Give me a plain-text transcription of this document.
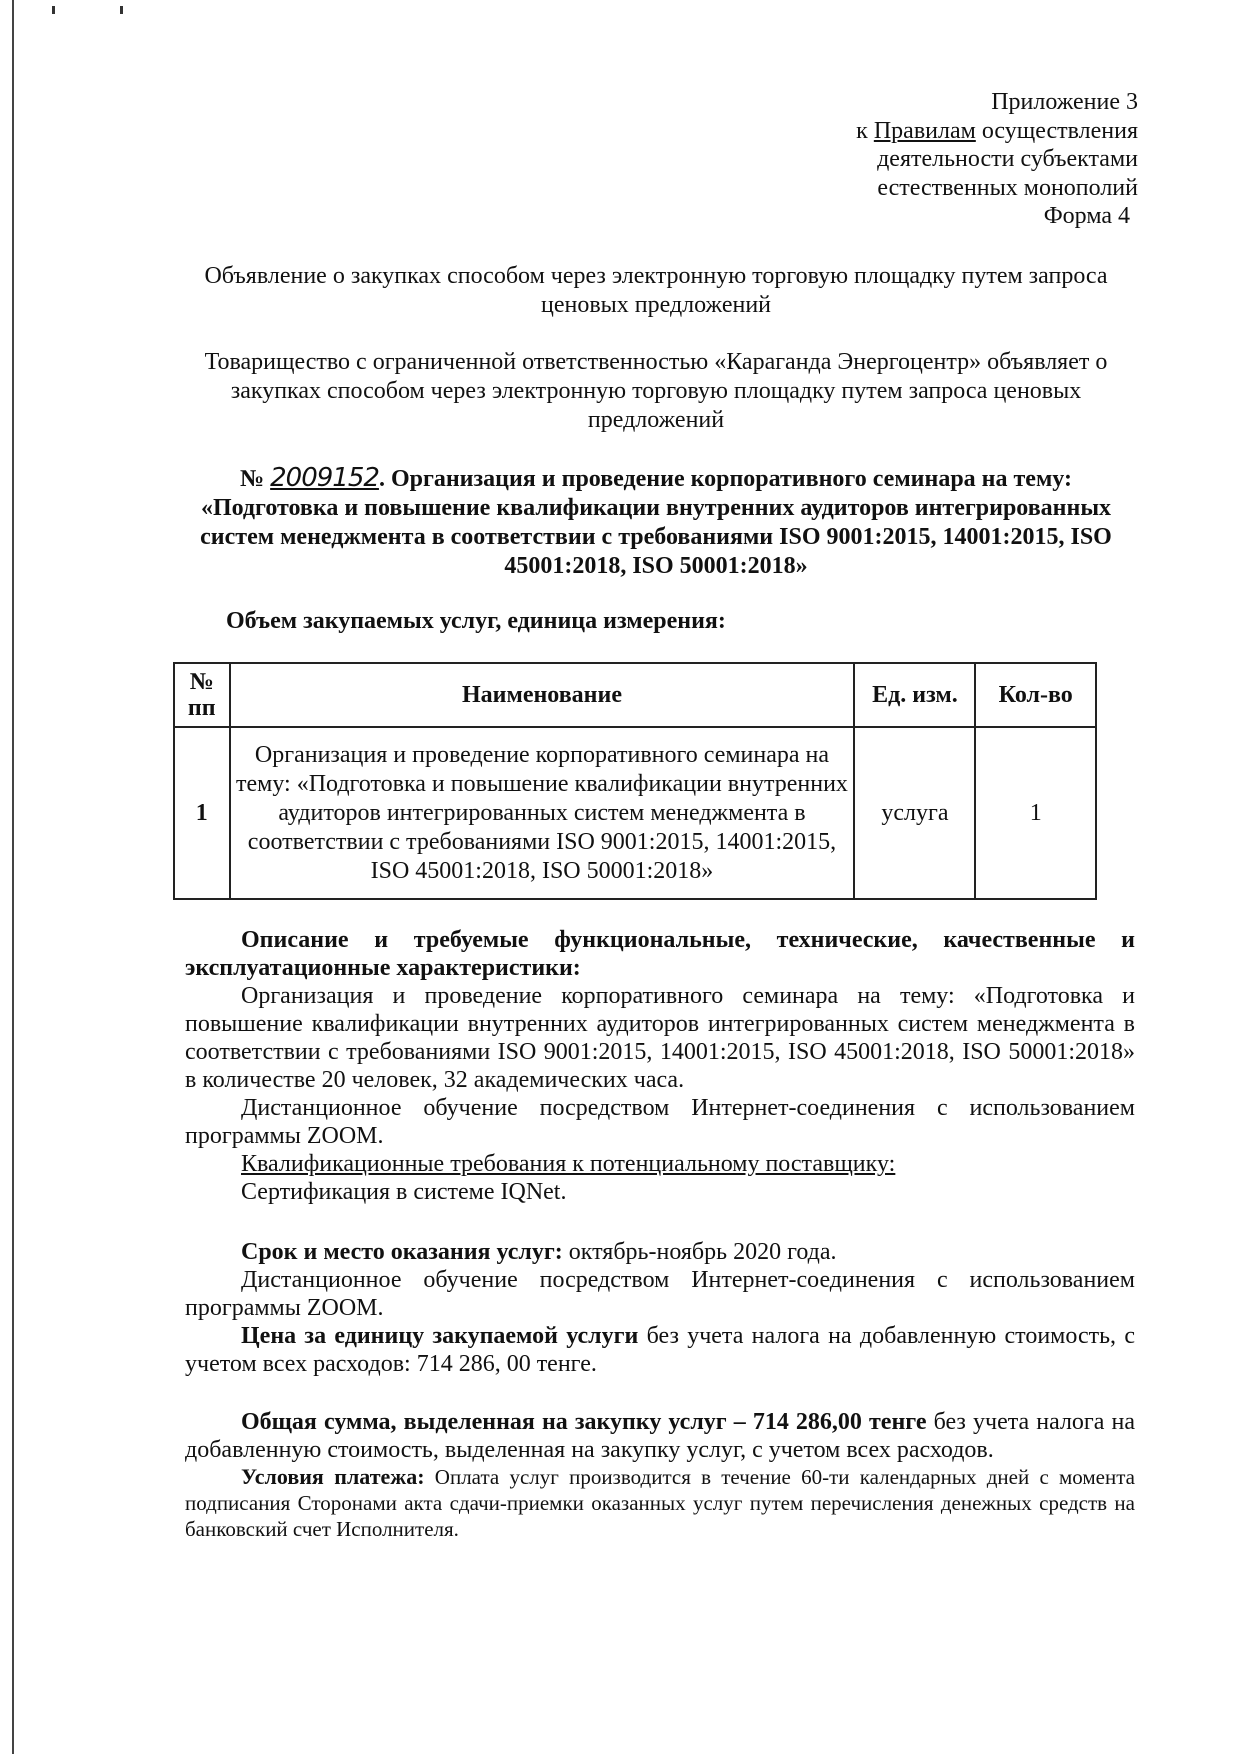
Приложение 3
к Правилам осуществления
деятельности субъектами
естественных монополий
Форма 4
Объявление о закупках способом через электронную торговую площадку путем запроса ценовых предложений
Товарищество с ограниченной ответственностью «Караганда Энергоцентр» объявляет о закупках способом через электронную торговую площадку путем запроса ценовых предложений
№ 2009152. Организация и проведение корпоративного семинара на тему:
«Подготовка и повышение квалификации внутренних аудиторов интегрированных
систем менеджмента в соответствии с требованиями ISO 9001:2015, 14001:2015, ISO
45001:2018, ISO 50001:2018»
Объем закупаемых услуг, единица измерения:
№ пп	Наименование	Ед. изм.	Кол-во
1	Организация и проведение корпоративного семинара на тему: «Подготовка и повышение квалификации внутренних аудиторов интегрированных систем менеджмента в соответствии с требованиями ISO 9001:2015, 14001:2015, ISO 45001:2018, ISO 50001:2018»	услуга	1

Описание и требуемые функциональные, технические, качественные и эксплуатационные характеристики:

Организация и проведение корпоративного семинара на тему: «Подготовка и повышение квалификации внутренних аудиторов интегрированных систем менеджмента в соответствии с требованиями ISO 9001:2015, 14001:2015, ISO 45001:2018, ISO 50001:2018» в количестве 20 человек, 32 академических часа.

Дистанционное обучение посредством Интернет-соединения с использованием программы ZOOM.

Квалификационные требования к потенциальному поставщику:

Сертификация в системе IQNet.

Срок и место оказания услуг: октябрь-ноябрь 2020 года.

Дистанционное обучение посредством Интернет-соединения с использованием программы ZOOM.

Цена за единицу закупаемой услуги без учета налога на добавленную стоимость, с учетом всех расходов: 714 286, 00 тенге.

Общая сумма, выделенная на закупку услуг – 714 286,00 тенге без учета налога на добавленную стоимость, выделенная на закупку услуг, с учетом всех расходов.

Условия платежа: Оплата услуг производится в течение 60-ти календарных дней с момента подписания Сторонами акта сдачи-приемки оказанных услуг путем перечисления денежных средств на банковский счет Исполнителя.
